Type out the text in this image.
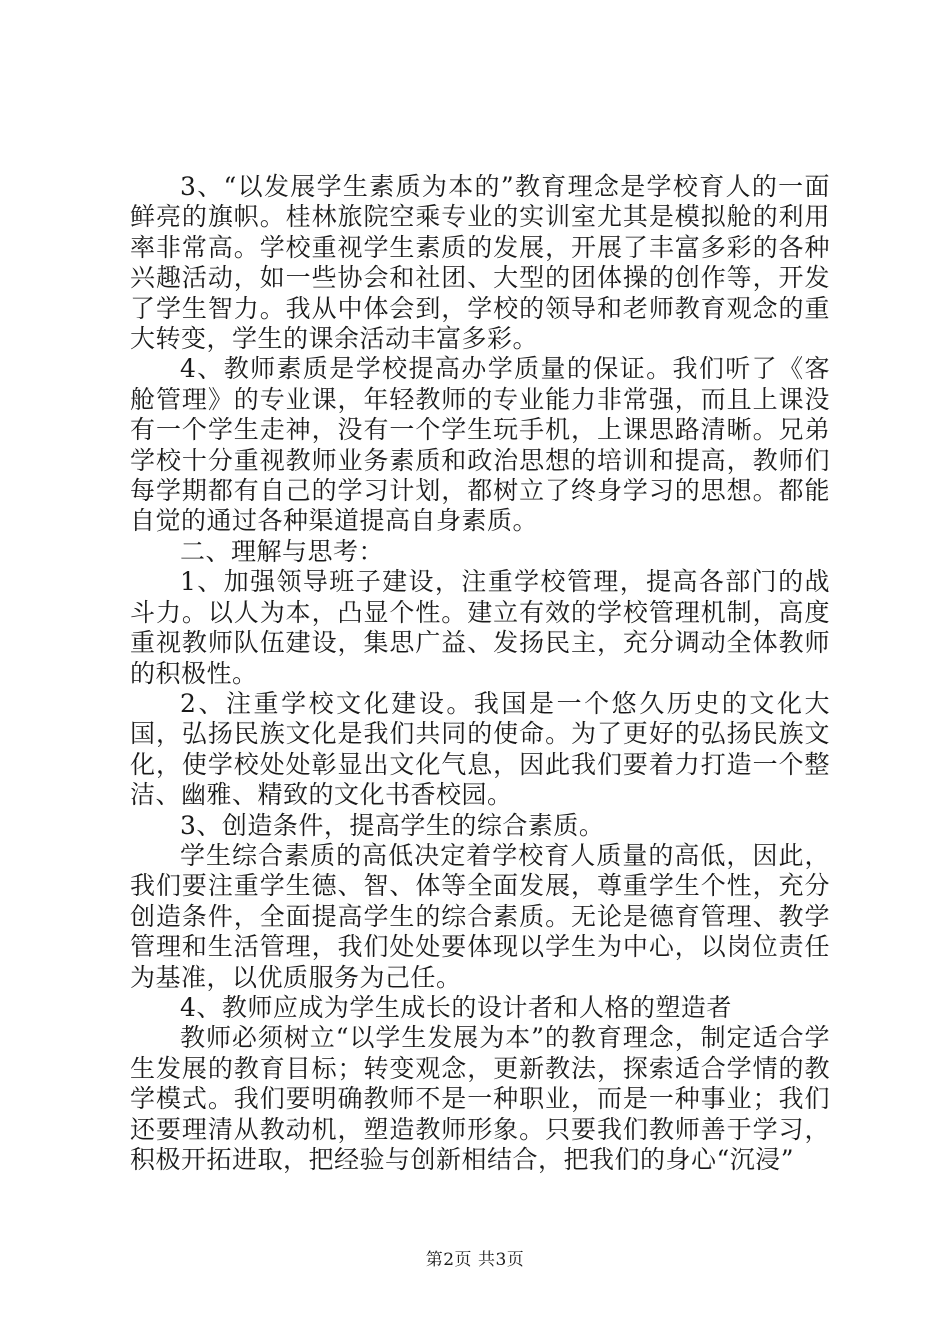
3、“以发展学生素质为本的”教育理念是学校育人的一面鲜亮的旗帜。桂林旅院空乘专业的实训室尤其是模拟舱的利用率非常高。学校重视学生素质的发展，开展了丰富多彩的各种兴趣活动，如一些协会和社团、大型的团体操的创作等，开发了学生智力。我从中体会到，学校的领导和老师教育观念的重大转变，学生的课余活动丰富多彩。

4、教师素质是学校提高办学质量的保证。我们听了《客舱管理》的专业课，年轻教师的专业能力非常强，而且上课没有一个学生走神，没有一个学生玩手机，上课思路清晰。兄弟学校十分重视教师业务素质和政治思想的培训和提高，教师们每学期都有自己的学习计划，都树立了终身学习的思想。都能自觉的通过各种渠道提高自身素质。

二、理解与思考：

1、加强领导班子建设，注重学校管理，提高各部门的战斗力。以人为本，凸显个性。建立有效的学校管理机制，高度重视教师队伍建设，集思广益、发扬民主，充分调动全体教师的积极性。

2、注重学校文化建设。我国是一个悠久历史的文化大国，弘扬民族文化是我们共同的使命。为了更好的弘扬民族文化，使学校处处彰显出文化气息，因此我们要着力打造一个整洁、幽雅、精致的文化书香校园。

3、创造条件，提高学生的综合素质。

学生综合素质的高低决定着学校育人质量的高低，因此，我们要注重学生德、智、体等全面发展，尊重学生个性，充分创造条件，全面提高学生的综合素质。无论是德育管理、教学管理和生活管理，我们处处要体现以学生为中心，以岗位责任为基准，以优质服务为己任。

4、教师应成为学生成长的设计者和人格的塑造者

教师必须树立“以学生发展为本”的教育理念，制定适合学生发展的教育目标；转变观念，更新教法，探索适合学情的教学模式。我们要明确教师不是一种职业，而是一种事业；我们还要理清从教动机，塑造教师形象。只要我们教师善于学习，积极开拓进取，把经验与创新相结合，把我们的身心“沉浸”

第2页 共3页
